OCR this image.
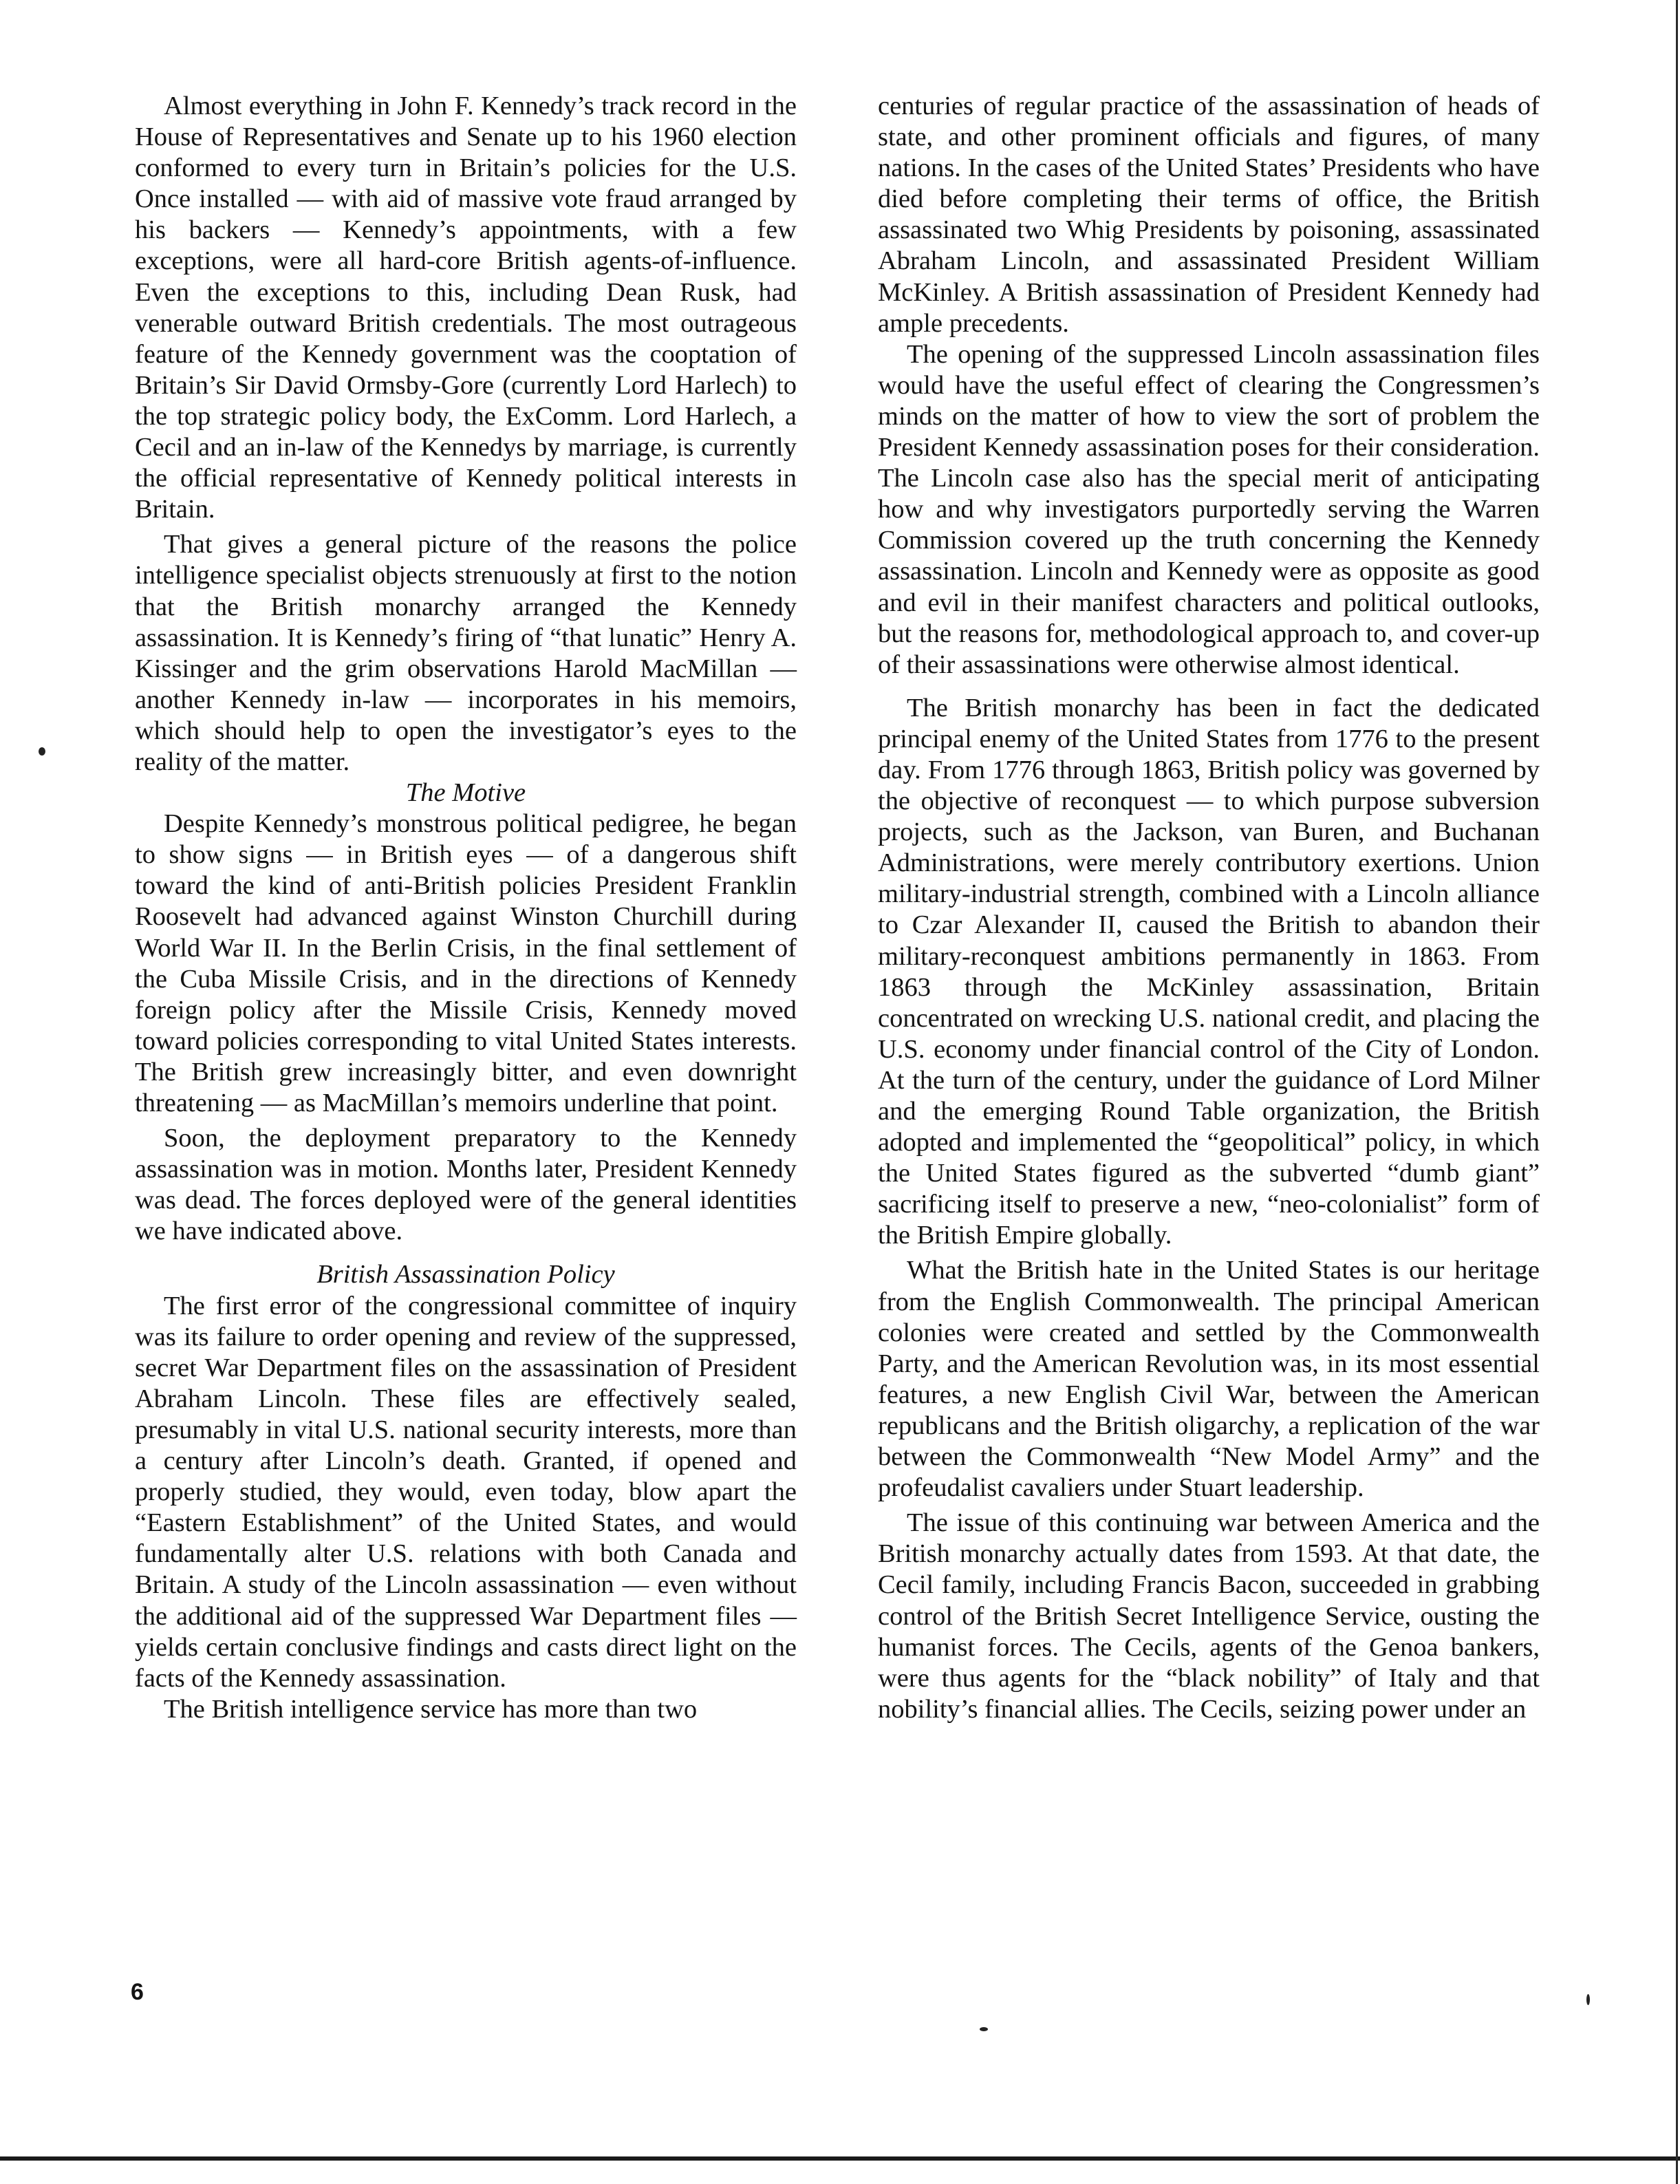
Almost everything in John F. Kennedy’s track record in the House of Representatives and Senate up to his 1960 election conformed to every turn in Britain’s policies for the U.S. Once installed — with aid of massive vote fraud arranged by his backers — Kennedy’s appointments, with a few exceptions, were all hard-core British agents-of-influence. Even the exceptions to this, including Dean Rusk, had venerable outward British credentials. The most outrageous feature of the Kennedy government was the cooptation of Britain’s Sir David Ormsby-Gore (currently Lord Harlech) to the top strategic policy body, the ExComm. Lord Harlech, a Cecil and an in-law of the Kennedys by marriage, is currently the official representative of Kennedy political interests in Britain.

That gives a general picture of the reasons the police intelligence specialist objects strenuously at first to the notion that the British monarchy arranged the Kennedy assassination. It is Kennedy’s firing of “that lunatic” Henry A. Kissinger and the grim observations Harold MacMillan — another Kennedy in-law — incorporates in his memoirs, which should help to open the investigator’s eyes to the reality of the matter.

The Motive

Despite Kennedy’s monstrous political pedigree, he began to show signs — in British eyes — of a dangerous shift toward the kind of anti-British policies President Franklin Roosevelt had advanced against Winston Churchill during World War II. In the Berlin Crisis, in the final settlement of the Cuba Missile Crisis, and in the directions of Kennedy foreign policy after the Missile Crisis, Kennedy moved toward policies corresponding to vital United States interests. The British grew increasingly bitter, and even downright threatening — as MacMillan’s memoirs underline that point.

Soon, the deployment preparatory to the Kennedy assassination was in motion. Months later, President Kennedy was dead. The forces deployed were of the general identities we have indicated above.

British Assassination Policy

The first error of the congressional committee of inquiry was its failure to order opening and review of the suppressed, secret War Department files on the assassination of President Abraham Lincoln. These files are effectively sealed, presumably in vital U.S. national security interests, more than a century after Lincoln’s death. Granted, if opened and properly studied, they would, even today, blow apart the “Eastern Establishment” of the United States, and would fundamentally alter U.S. relations with both Canada and Britain. A study of the Lincoln assassination — even without the additional aid of the suppressed War Department files — yields certain conclusive findings and casts direct light on the facts of the Kennedy assassination.

The British intelligence service has more than two

centuries of regular practice of the assassination of heads of state, and other prominent officials and figures, of many nations. In the cases of the United States’ Presidents who have died before completing their terms of office, the British assassinated two Whig Presidents by poisoning, assassinated Abraham Lincoln, and assassinated President William McKinley. A British assassination of President Kennedy had ample precedents.

The opening of the suppressed Lincoln assassination files would have the useful effect of clearing the Congressmen’s minds on the matter of how to view the sort of problem the President Kennedy assassination poses for their consideration. The Lincoln case also has the special merit of anticipating how and why investigators purportedly serving the Warren Commission covered up the truth concerning the Kennedy assassination. Lincoln and Kennedy were as opposite as good and evil in their manifest characters and political outlooks, but the reasons for, methodological approach to, and cover-up of their assassinations were otherwise almost identical.

The British monarchy has been in fact the dedicated principal enemy of the United States from 1776 to the present day. From 1776 through 1863, British policy was governed by the objective of reconquest — to which purpose subversion projects, such as the Jackson, van Buren, and Buchanan Administrations, were merely contributory exertions. Union military-industrial strength, combined with a Lincoln alliance to Czar Alexander II, caused the British to abandon their military-reconquest ambitions permanently in 1863. From 1863 through the McKinley assassination, Britain concentrated on wrecking U.S. national credit, and placing the U.S. economy under financial control of the City of London. At the turn of the century, under the guidance of Lord Milner and the emerging Round Table organization, the British adopted and implemented the “geopolitical” policy, in which the United States figured as the subverted “dumb giant” sacrificing itself to preserve a new, “neo-colonialist” form of the British Empire globally.

What the British hate in the United States is our heritage from the English Commonwealth. The principal American colonies were created and settled by the Commonwealth Party, and the American Revolution was, in its most essential features, a new English Civil War, between the American republicans and the British oligarchy, a replication of the war between the Commonwealth “New Model Army” and the profeudalist cavaliers under Stuart leadership.

The issue of this continuing war between America and the British monarchy actually dates from 1593. At that date, the Cecil family, including Francis Bacon, succeeded in grabbing control of the British Secret Intelligence Service, ousting the humanist forces. The Cecils, agents of the Genoa bankers, were thus agents for the “black nobility” of Italy and that nobility’s financial allies. The Cecils, seizing power under an

6
